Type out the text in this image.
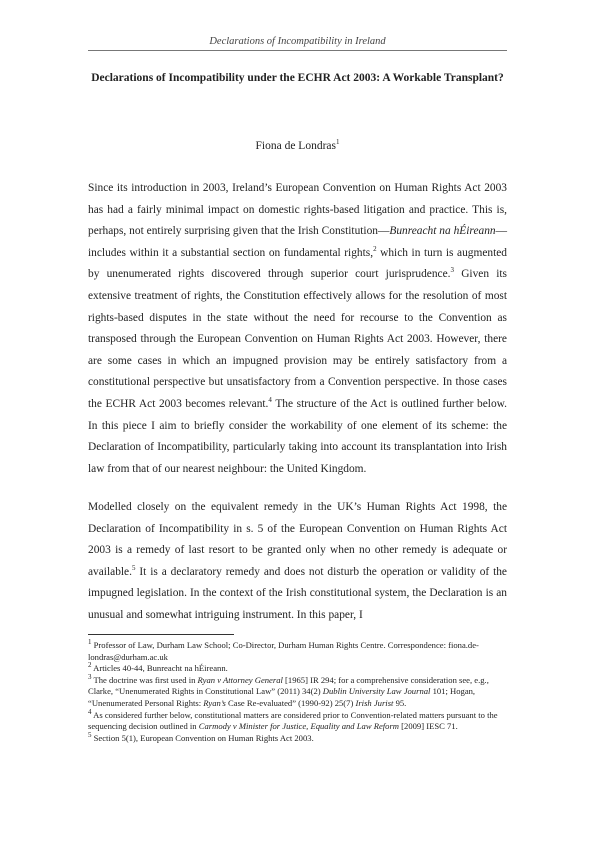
Declarations of Incompatibility in Ireland
Declarations of Incompatibility under the ECHR Act 2003: A Workable Transplant?
Fiona de Londras$^1$

Since its introduction in 2003, Ireland’s European Convention on Human Rights Act 2003 has had a fairly minimal impact on domestic rights-based litigation and practice. This is, perhaps, not entirely surprising given that the Irish Constitution—Bunreacht na hÉireann—includes within it a substantial section on fundamental rights,$^2$ which in turn is augmented by unenumerated rights discovered through superior court jurisprudence.$^3$ Given its extensive treatment of rights, the Constitution effectively allows for the resolution of most rights-based disputes in the state without the need for recourse to the Convention as transposed through the European Convention on Human Rights Act 2003. However, there are some cases in which an impugned provision may be entirely satisfactory from a constitutional perspective but unsatisfactory from a Convention perspective. In those cases the ECHR Act 2003 becomes relevant.$^4$ The structure of the Act is outlined further below. In this piece I aim to briefly consider the workability of one element of its scheme: the Declaration of Incompatibility, particularly taking into account its transplantation into Irish law from that of our nearest neighbour: the United Kingdom.

Modelled closely on the equivalent remedy in the UK’s Human Rights Act 1998, the Declaration of Incompatibility in s. 5 of the European Convention on Human Rights Act 2003 is a remedy of last resort to be granted only when no other remedy is adequate or available.$^5$ It is a declaratory remedy and does not disturb the operation or validity of the impugned legislation. In the context of the Irish constitutional system, the Declaration is an unusual and somewhat intriguing instrument. In this paper, I

$^1$ Professor of Law, Durham Law School; Co-Director, Durham Human Rights Centre. Correspondence: fiona.de-londras@durham.ac.uk

$^2$ Articles 40-44, Bunreacht na hÉireann.

$^3$ The doctrine was first used in Ryan v Attorney General [1965] IR 294; for a comprehensive consideration see, e.g., Clarke, “Unenumerated Rights in Constitutional Law” (2011) 34(2) Dublin University Law Journal 101; Hogan, “Unenumerated Personal Rights: Ryan’s Case Re-evaluated” (1990-92) 25(7) Irish Jurist 95.

$^4$ As considered further below, constitutional matters are considered prior to Convention-related matters pursuant to the sequencing decision outlined in Carmody v Minister for Justice, Equality and Law Reform [2009] IESC 71.

$^5$ Section 5(1), European Convention on Human Rights Act 2003.
